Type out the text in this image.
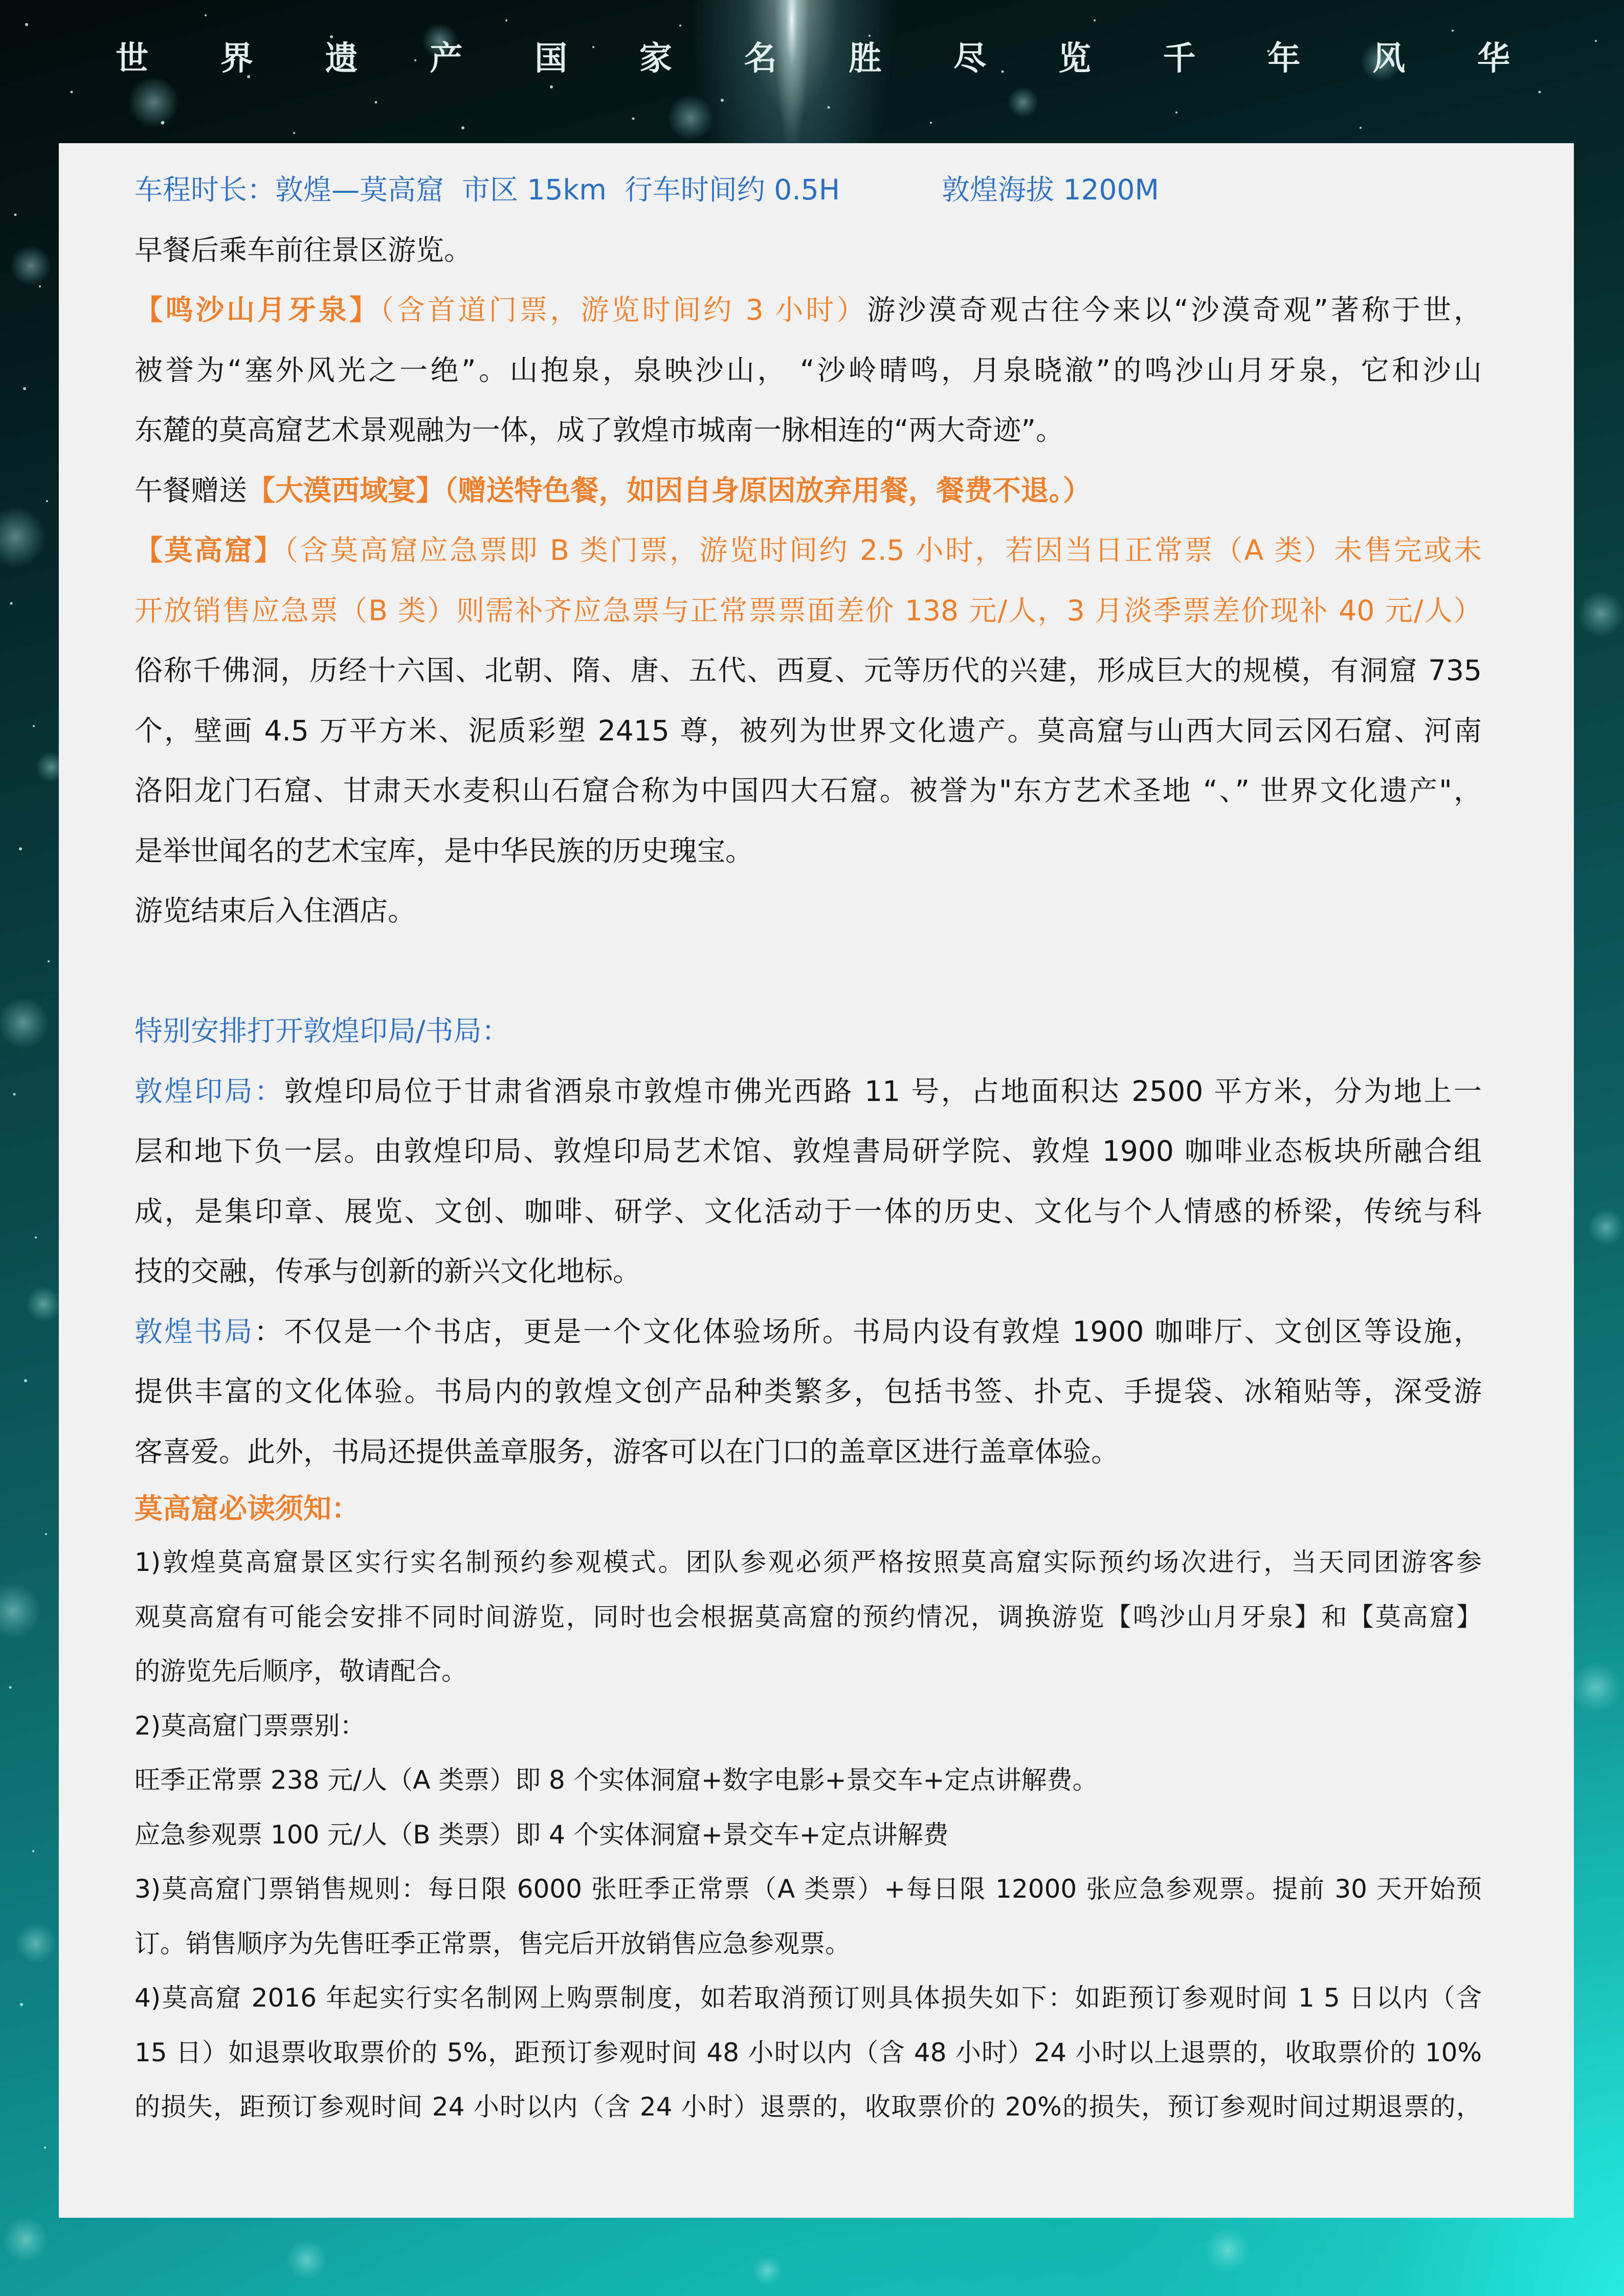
世 界 遗 产 国 家 名 胜 尽 览 千 年 风 华
车程时长：敦煌—莫高窟  市区 15km  行车时间约 0.5H	敦煌海拔 1200M
早餐后乘车前往景区游览。
【鸣沙山月牙泉】（含首道门票，游览时间约 3 小时）游沙漠奇观古往今来以“沙漠奇观”著称于世，
被誉为“塞外风光之一绝”。山抱泉，泉映沙山， “沙岭晴鸣，月泉晓澈”的鸣沙山月牙泉，它和沙山
东麓的莫高窟艺术景观融为一体，成了敦煌市城南一脉相连的“两大奇迹”。
午餐赠送【大漠西域宴】（赠送特色餐，如因自身原因放弃用餐，餐费不退。）
【莫高窟】（含莫高窟应急票即 B 类门票，游览时间约 2.5 小时，若因当日正常票（A 类）未售完或未
开放销售应急票（B 类）则需补齐应急票与正常票票面差价 138 元/人，3 月淡季票差价现补 40 元/人）
俗称千佛洞，历经十六国、北朝、隋、唐、五代、西夏、元等历代的兴建，形成巨大的规模，有洞窟 735
个，壁画 4.5 万平方米、泥质彩塑 2415 尊，被列为世界文化遗产。莫高窟与山西大同云冈石窟、河南
洛阳龙门石窟、甘肃天水麦积山石窟合称为中国四大石窟。被誉为"东方艺术圣地 “、” 世界文化遗产"，
是举世闻名的艺术宝库，是中华民族的历史瑰宝。
游览结束后入住酒店。
特别安排打开敦煌印局/书局：
敦煌印局：敦煌印局位于甘肃省酒泉市敦煌市佛光西路 11 号，占地面积达 2500 平方米，分为地上一
层和地下负一层。由敦煌印局、敦煌印局艺术馆、敦煌書局研学院、敦煌 1900 咖啡业态板块所融合组
成，是集印章、展览、文创、咖啡、研学、文化活动于一体的历史、文化与个人情感的桥梁，传统与科
技的交融，传承与创新的新兴文化地标。
敦煌书局：不仅是一个书店，更是一个文化体验场所。书局内设有敦煌 1900 咖啡厅、文创区等设施，
提供丰富的文化体验。书局内的敦煌文创产品种类繁多，包括书签、扑克、手提袋、冰箱贴等，深受游
客喜爱。此外，书局还提供盖章服务，游客可以在门口的盖章区进行盖章体验。
莫高窟必读须知：
1)敦煌莫高窟景区实行实名制预约参观模式。团队参观必须严格按照莫高窟实际预约场次进行，当天同团游客参
观莫高窟有可能会安排不同时间游览，同时也会根据莫高窟的预约情况，调换游览【鸣沙山月牙泉】和【莫高窟】
的游览先后顺序，敬请配合。
2)莫高窟门票票别：
旺季正常票 238 元/人（A 类票）即 8 个实体洞窟+数字电影+景交车+定点讲解费。
应急参观票 100 元/人（B 类票）即 4 个实体洞窟+景交车+定点讲解费
3)莫高窟门票销售规则：每日限 6000 张旺季正常票（A 类票）+每日限 12000 张应急参观票。提前 30 天开始预
订。销售顺序为先售旺季正常票，售完后开放销售应急参观票。
4)莫高窟 2016 年起实行实名制网上购票制度，如若取消预订则具体损失如下：如距预订参观时间 1 5 日以内（含
15 日）如退票收取票价的 5%，距预订参观时间 48 小时以内（含 48 小时）24 小时以上退票的，收取票价的 10%
的损失，距预订参观时间 24 小时以内（含 24 小时）退票的，收取票价的 20%的损失，预订参观时间过期退票的，
